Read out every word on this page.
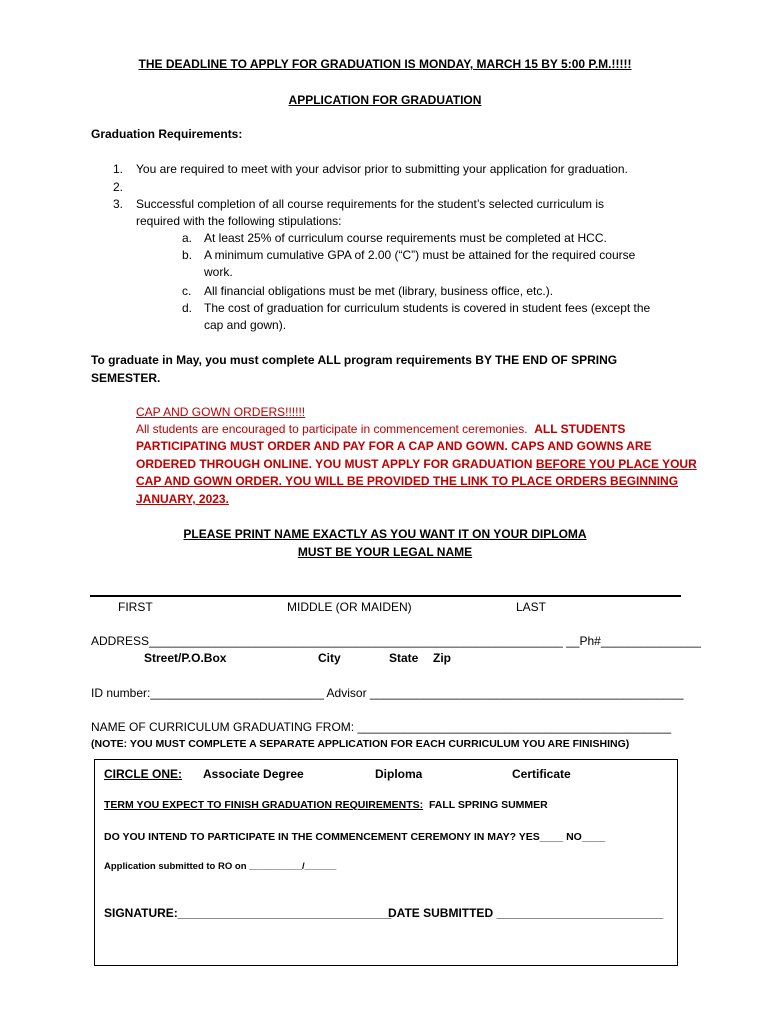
THE DEADLINE TO APPLY FOR GRADUATION IS MONDAY, MARCH 15 BY 5:00 P.M.!!!!!
APPLICATION FOR GRADUATION
Graduation Requirements:
1. You are required to meet with your advisor prior to submitting your application for graduation.
2.
3. Successful completion of all course requirements for the student’s selected curriculum is
required with the following stipulations:
a. At least 25% of curriculum course requirements must be completed at HCC.
b. A minimum cumulative GPA of 2.00 (“C”) must be attained for the required course
work.
c. All financial obligations must be met (library, business office, etc.).
d. The cost of graduation for curriculum students is covered in student fees (except the
cap and gown).
To graduate in May, you must complete ALL program requirements BY THE END OF SPRING
SEMESTER.
CAP AND GOWN ORDERS!!!!!!
All students are encouraged to participate in commencement ceremonies. ALL STUDENTS
PARTICIPATING MUST ORDER AND PAY FOR A CAP AND GOWN. CAPS AND GOWNS ARE
ORDERED THROUGH ONLINE. YOU MUST APPLY FOR GRADUATION BEFORE YOU PLACE YOUR
CAP AND GOWN ORDER. YOU WILL BE PROVIDED THE LINK TO PLACE ORDERS BEGINNING
JANUARY, 2023.
PLEASE PRINT NAME EXACTLY AS YOU WANT IT ON YOUR DIPLOMA
MUST BE YOUR LEGAL NAME
FIRST	MIDDLE (OR MAIDEN)	LAST
ADDRESS______________________________________________________________ __Ph#_______________
Street/P.O.Box	City	State Zip
ID number:__________________________ Advisor _______________________________________________
NAME OF CURRICULUM GRADUATING FROM: _______________________________________________
(NOTE: YOU MUST COMPLETE A SEPARATE APPLICATION FOR EACH CURRICULUM YOU ARE FINISHING)
CIRCLE ONE: Associate Degree	Diploma	Certificate
TERM YOU EXPECT TO FINISH GRADUATION REQUIREMENTS: FALL SPRING SUMMER
DO YOU INTEND TO PARTICIPATE IN THE COMMENCEMENT CEREMONY IN MAY? YES____ NO____
Application submitted to RO on __________/______
SIGNATURE:________________________________
DATE SUBMITTED _________________________
